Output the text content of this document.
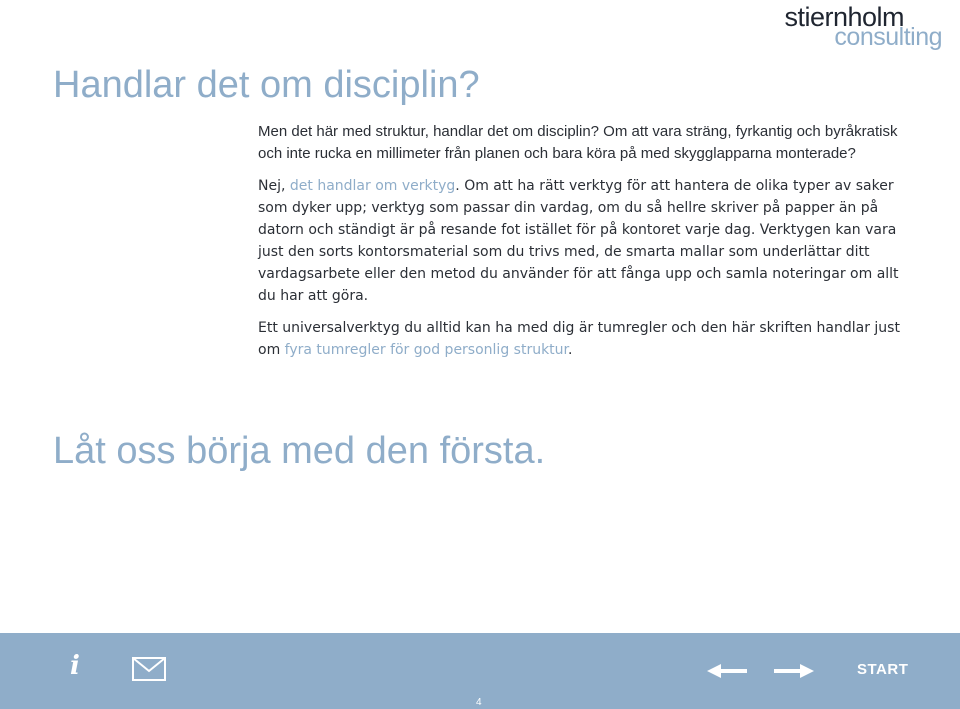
stiernholm
consulting
Handlar det om disciplin?

Men det här med struktur, handlar det om disciplin? Om att vara sträng, fyrkantig och byråkratisk och inte rucka en millimeter från planen och bara köra på med skygglapparna monterade?

Nej, det handlar om verktyg. Om att ha rätt verktyg för att hantera de olika typer av saker som dyker upp; verktyg som passar din vardag, om du så hellre skriver på papper än på datorn och ständigt är på resande fot istället för på kontoret varje dag. Verktygen kan vara just den sorts kontorsmaterial som du trivs med, de smarta mallar som underlättar ditt vardagsarbete eller den metod du använder för att fånga upp och samla noteringar om allt du har att göra.

Ett universalverktyg du alltid kan ha med dig är tumregler och den här skriften handlar just om fyra tumregler för god personlig struktur.

Låt oss börja med den första.
i	START
4
